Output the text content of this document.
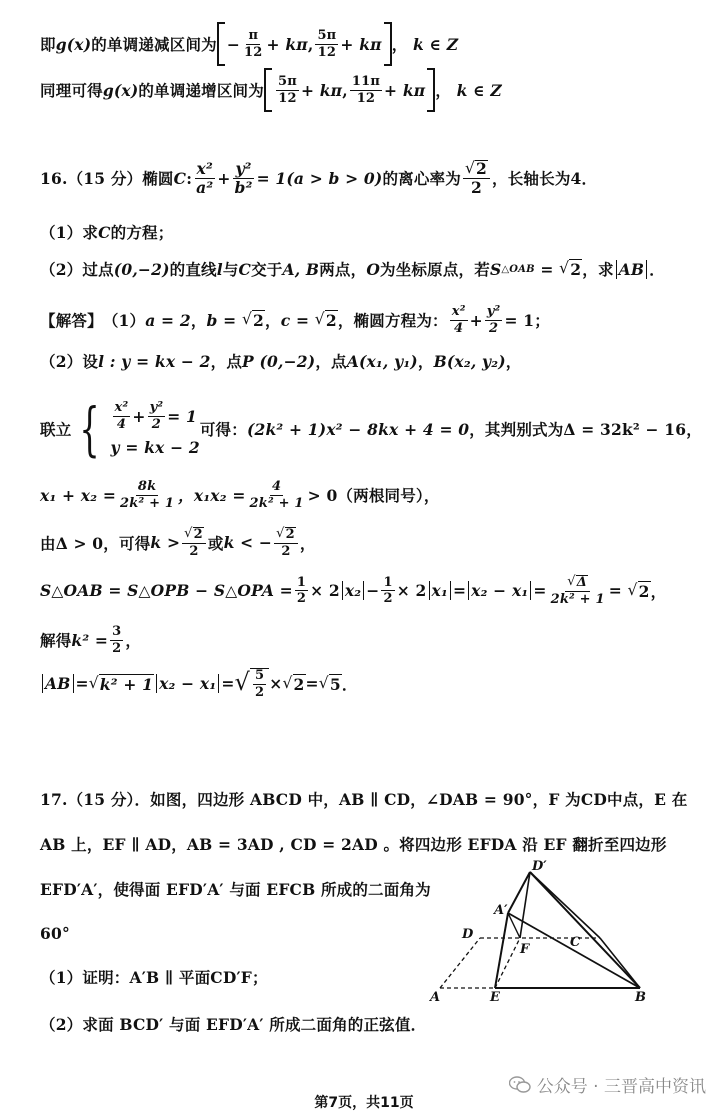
即 g(x) 的单调递减区间为 − $\frac{\pi}{12} + k\pi$ , $\frac{5\pi}{12} + k\pi$ ， k ∈ Z
同理可得 g(x) 的单调递增区间为 $\frac{5\pi}{12} + k\pi$ , $\frac{11\pi}{12} + k\pi$ ， k ∈ Z
16.（15 分）椭圆 C : $\frac{\text{x²}}{\text{a²}} + \frac{\text{y²}}{\text{b²}} = 1(a > b > 0)$ 的离心率为 $\frac{√ 2}{2}$ ，长轴长为4．
（1）求 C 的方程；
（2）过点 (0,−2) 的直线 l 与 C 交于 A, B 两点， O 为坐标原点，若 S △OAB
=
√ 2 ，求 AB ．
【解答】 （1） a = 2 ， b =
√ 2 ， c =
√ 2 ，椭圆方程为： $\frac{\text{x²}}{4} + \frac{\text{y²}}{2} = 1$；
（2）设 l : y = kx − 2 ，点 P (0,−2) ，点 A(x₁, y₁) ， B(x₂, y₂) ，
联立 { $\frac{\text{x²}}{4} + \frac{\text{y²}}{2} = 1$
y = kx − 2
可得： (2k² + 1)x² − 8kx + 4 = 0 ，其判别式为Δ = 32k² − 16，
$x_1 + x_2 = \frac{8k}{\text{2k² + 1}}$ ，$x_1x_2 = \frac{4}{\text{2k² + 1}} > 0$（两根同号），
由Δ > 0，可得 $k > \frac{√ 2}{2}$ 或 k < − $\frac{√ 2}{2}$ ，
S△OAB = S△OPB − S△OPA = $\frac{1}{2} \times 2$ $x_2 - \frac{1}{2} \times 2$ $x_1 = x_2 - x_1 = \frac{√ \Delta}{\text{2k² + 1}}$ =
√ 2 ，
解得 $k^2 = \frac{3}{2}$ ，
AB = √ k² + 1 x₂ − x₁ = √ $\frac{5}{2}$ × √ 2 = √ 5 ．
17.（15 分）．如图，四边形 ABCD 中，AB ∥ CD，∠DAB = 90°，F 为CD中点，E 在
AB 上，EF ∥ AD，AB = 3AD , CD = 2AD 。将四边形 EFDA 沿 EF 翻折至四边形
EFD′A′，使得面 EFD′A′ 与面 EFCB 所成的二面角为
60°
（1）证明：A′B ∥ 平面CD′F；
（2）求面 BCD′ 与面 EFD′A′ 所成二面角的正弦值．
D′
A′
D
F	C
A	E	B
公众号 · 三晋高中资讯
第7页，共11页
